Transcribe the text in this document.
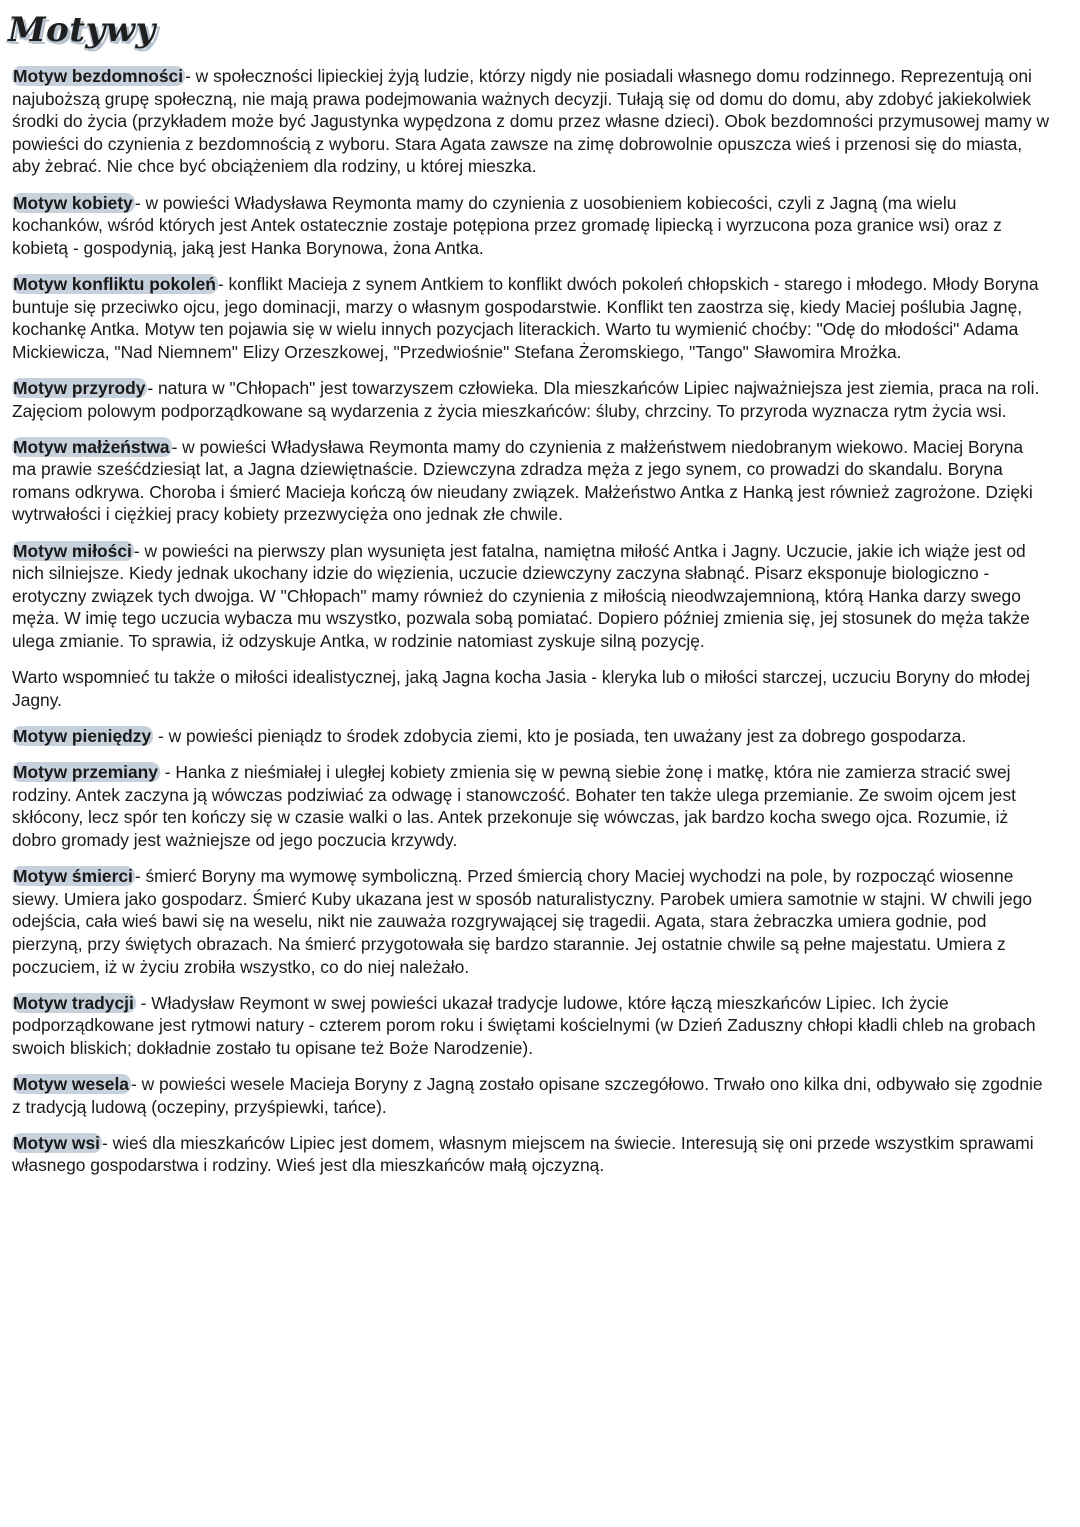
Motywy

Motyw bezdomności - w społeczności lipieckiej żyją ludzie, którzy nigdy nie posiadali własnego domu rodzinnego. Reprezentują oni najuboższą grupę społeczną, nie mają prawa podejmowania ważnych decyzji. Tułają się od domu do domu, aby zdobyć jakiekolwiek środki do życia (przykładem może być Jagustynka wypędzona z domu przez własne dzieci). Obok bezdomności przymusowej mamy w powieści do czynienia z bezdomnością z wyboru. Stara Agata zawsze na zimę dobrowolnie opuszcza wieś i przenosi się do miasta, aby żebrać. Nie chce być obciążeniem dla rodziny, u której mieszka.

Motyw kobiety - w powieści Władysława Reymonta mamy do czynienia z uosobieniem kobiecości, czyli z Jagną (ma wielu kochanków, wśród których jest Antek ostatecznie zostaje potępiona przez gromadę lipiecką i wyrzucona poza granice wsi) oraz z kobietą - gospodynią, jaką jest Hanka Borynowa, żona Antka.

Motyw konfliktu pokoleń - konflikt Macieja z synem Antkiem to konflikt dwóch pokoleń chłopskich - starego i młodego. Młody Boryna buntuje się przeciwko ojcu, jego dominacji, marzy o własnym gospodarstwie. Konflikt ten zaostrza się, kiedy Maciej poślubia Jagnę, kochankę Antka. Motyw ten pojawia się w wielu innych pozycjach literackich. Warto tu wymienić choćby: "Odę do młodości" Adama Mickiewicza, "Nad Niemnem" Elizy Orzeszkowej, "Przedwiośnie" Stefana Żeromskiego, "Tango" Sławomira Mrożka.

Motyw przyrody - natura w "Chłopach" jest towarzyszem człowieka. Dla mieszkańców Lipiec najważniejsza jest ziemia, praca na roli. Zajęciom polowym podporządkowane są wydarzenia z życia mieszkańców: śluby, chrzciny. To przyroda wyznacza rytm życia wsi.

Motyw małżeństwa - w powieści Władysława Reymonta mamy do czynienia z małżeństwem niedobranym wiekowo. Maciej Boryna ma prawie sześćdziesiąt lat, a Jagna dziewiętnaście. Dziewczyna zdradza męża z jego synem, co prowadzi do skandalu. Boryna romans odkrywa. Choroba i śmierć Macieja kończą ów nieudany związek. Małżeństwo Antka z Hanką jest również zagrożone. Dzięki wytrwałości i ciężkiej pracy kobiety przezwycięża ono jednak złe chwile.

Motyw miłości - w powieści na pierwszy plan wysunięta jest fatalna, namiętna miłość Antka i Jagny. Uczucie, jakie ich wiąże jest od nich silniejsze. Kiedy jednak ukochany idzie do więzienia, uczucie dziewczyny zaczyna słabnąć. Pisarz eksponuje biologiczno - erotyczny związek tych dwojga. W "Chłopach" mamy również do czynienia z miłością nieodwzajemnioną, którą Hanka darzy swego męża. W imię tego uczucia wybacza mu wszystko, pozwala sobą pomiatać. Dopiero później zmienia się, jej stosunek do męża także ulega zmianie. To sprawia, iż odzyskuje Antka, w rodzinie natomiast zyskuje silną pozycję.

Warto wspomnieć tu także o miłości idealistycznej, jaką Jagna kocha Jasia - kleryka lub o miłości starczej, uczuciu Boryny do młodej Jagny.

Motyw pieniędzy - w powieści pieniądz to środek zdobycia ziemi, kto je posiada, ten uważany jest za dobrego gospodarza.

Motyw przemiany - Hanka z nieśmiałej i uległej kobiety zmienia się w pewną siebie żonę i matkę, która nie zamierza stracić swej rodziny. Antek zaczyna ją wówczas podziwiać za odwagę i stanowczość. Bohater ten także ulega przemianie. Ze swoim ojcem jest skłócony, lecz spór ten kończy się w czasie walki o las. Antek przekonuje się wówczas, jak bardzo kocha swego ojca. Rozumie, iż dobro gromady jest ważniejsze od jego poczucia krzywdy.

Motyw śmierci - śmierć Boryny ma wymowę symboliczną. Przed śmiercią chory Maciej wychodzi na pole, by rozpocząć wiosenne siewy. Umiera jako gospodarz. Śmierć Kuby ukazana jest w sposób naturalistyczny. Parobek umiera samotnie w stajni. W chwili jego odejścia, cała wieś bawi się na weselu, nikt nie zauważa rozgrywającej się tragedii. Agata, stara żebraczka umiera godnie, pod pierzyną, przy świętych obrazach. Na śmierć przygotowała się bardzo starannie. Jej ostatnie chwile są pełne majestatu. Umiera z poczuciem, iż w życiu zrobiła wszystko, co do niej należało.

Motyw tradycji - Władysław Reymont w swej powieści ukazał tradycje ludowe, które łączą mieszkańców Lipiec. Ich życie podporządkowane jest rytmowi natury - czterem porom roku i świętami kościelnymi (w Dzień Zaduszny chłopi kładli chleb na grobach swoich bliskich; dokładnie zostało tu opisane też Boże Narodzenie).

Motyw wesela - w powieści wesele Macieja Boryny z Jagną zostało opisane szczegółowo. Trwało ono kilka dni, odbywało się zgodnie z tradycją ludową (oczepiny, przyśpiewki, tańce).

Motyw wsi - wieś dla mieszkańców Lipiec jest domem, własnym miejscem na świecie. Interesują się oni przede wszystkim sprawami własnego gospodarstwa i rodziny. Wieś jest dla mieszkańców małą ojczyzną.
